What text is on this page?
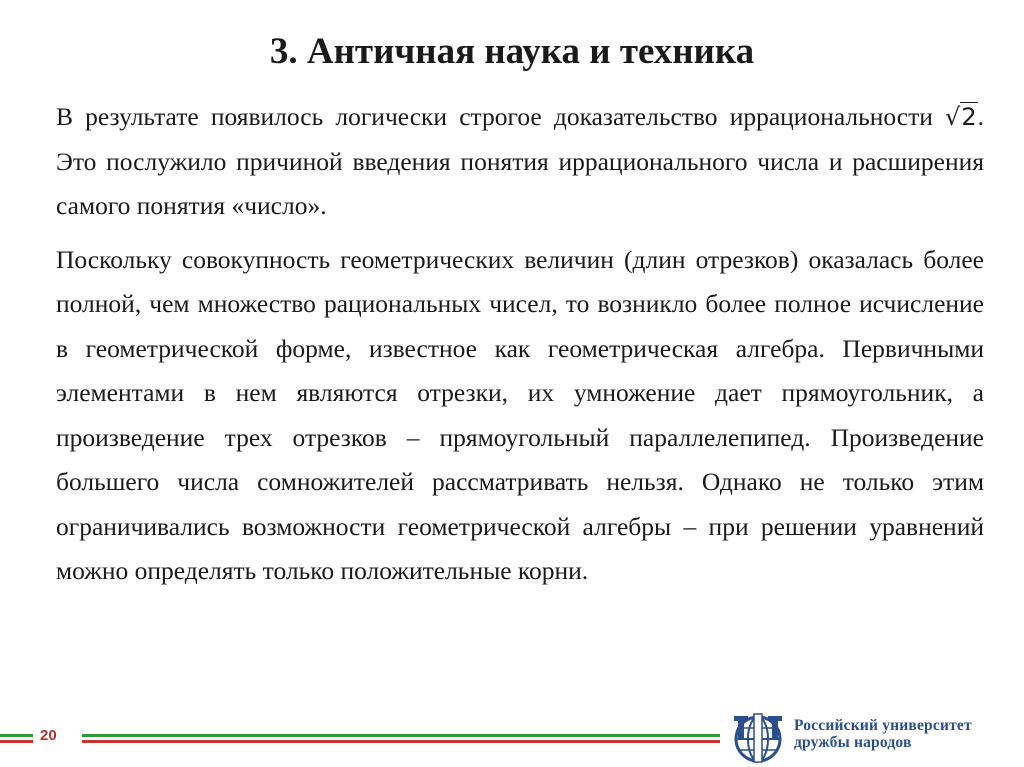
3. Античная наука и техника

В результате появилось логически строгое доказательство иррациональности √2. Это послужило причиной введения понятия иррационального числа и расширения самого понятия «число».

Поскольку совокупность геометрических величин (длин отрезков) оказалась более полной, чем множество рациональных чисел, то возникло более полное исчисление в геометрической форме, известное как геометрическая алгебра. Первичными элементами в нем являются отрезки, их умножение дает прямоугольник, а произведение трех отрезков – прямоугольный параллелепипед. Произведение большего числа сомножителей рассматривать нельзя. Однако не только этим ограничивались возможности геометрической алгебры – при решении уравнений можно определять только положительные корни.

20
Российский университет
дружбы народов
